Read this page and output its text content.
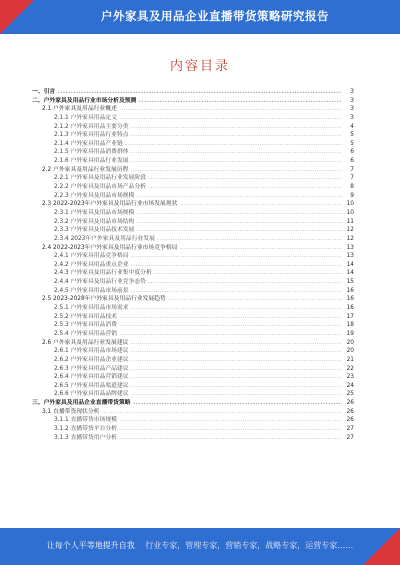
户外家具及用品企业直播带货策略研究报告
内容目录
一、引言 .....	3
二、户外家具及用品行业市场分析及预测 .....	3
2.1 户外家具及用品行业概述 .....	3
2.1.1 户外家具用品定义 .....	3
2.1.2 户外家具用品主要分类 .....	4
2.1.3 户外家具用品行业特点 .....	5
2.1.4 户外家具用品产业链 .....	5
2.1.5 户外家具用品消费群体 .....	6
2.1.6 户外家具用品行业发展 .....	6
2.2 户外家具及用品行业发展历程 .....	7
2.2.1 户外家具及用品行业发展阶段 .....	7
2.2.2 户外家具及用品市场产品分析 .....	8
2.2.3 户外家具及用品市场规模 .....	9
2.3 2022-2023年户外家具及用品行业市场发展现状 .....	10
2.3.1 户外家具及用品市场规模 .....	10
2.3.2 户外家具及用品市场结构 .....	11
2.3.3 户外家具及用品技术发展 .....	12
2.3.4 2023年户外家具及用品行业发展 .....	12
2.4 2022-2023年户外家具及用品行业市场竞争格局 .....	13
2.4.1 户外家具用品竞争格局 .....	13
2.4.2 户外家具用品重点企业 .....	14
2.4.3 户外家具及用品行业集中度分析 .....	14
2.4.4 户外家具及用品行业竞争态势 .....	15
2.4.5 户外家具用品市场前景 .....	16
2.5 2023-2028年户外家具及用品行业发展趋势 .....	16
2.5.1 户外家具用品市场需求 .....	16
2.5.2 户外家具用品技术 .....	17
2.5.3 户外家具用品消费 .....	18
2.5.4 户外家具用品营销 .....	19
2.6 户外家具及用品行业发展建议 .....	20
2.6.1 户外家具用品市场建议 .....	20
2.6.2 户外家具用品企业建议 .....	21
2.6.3 户外家具用品产品建议 .....	22
2.6.4 户外家具用品营销建议 .....	23
2.6.5 户外家具用品渠道建议 .....	24
2.6.6 户外家具用品品牌建议 .....	25
三、户外家具及用品企业直播带货策略 .....	26
3.1 直播带货现状分析 .....	26
3.1.1 直播带货市场规模 .....	26
3.1.2 直播带货平台分析 .....	27
3.1.3 直播带货用户分析 .....	27
让每个人平等地提升自我 行业专家，管理专家，营销专家，战略专家，运营专家……
